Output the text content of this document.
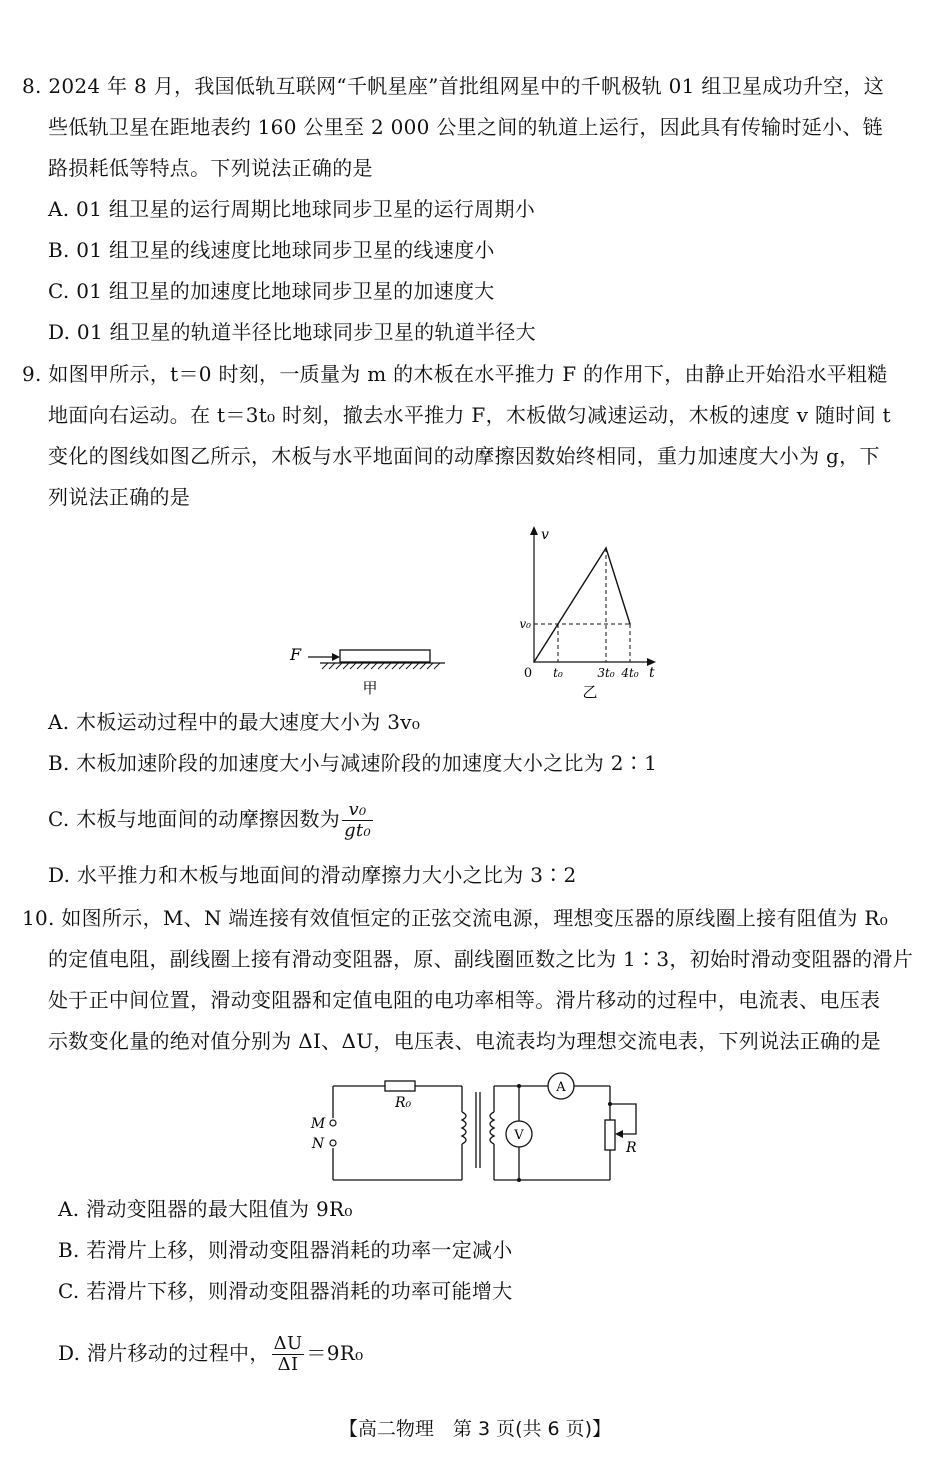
8. 2024 年 8 月，我国低轨互联网“千帆星座”首批组网星中的千帆极轨 01 组卫星成功升空，这
些低轨卫星在距地表约 160 公里至 2 000 公里之间的轨道上运行，因此具有传输时延小、链
路损耗低等特点。下列说法正确的是
A. 01 组卫星的运行周期比地球同步卫星的运行周期小
B. 01 组卫星的线速度比地球同步卫星的线速度小
C. 01 组卫星的加速度比地球同步卫星的加速度大
D. 01 组卫星的轨道半径比地球同步卫星的轨道半径大
9. 如图甲所示，t＝0 时刻，一质量为 m 的木板在水平推力 F 的作用下，由静止开始沿水平粗糙
地面向右运动。在 t＝3t₀ 时刻，撤去水平推力 F，木板做匀减速运动，木板的速度 v 随时间 t
变化的图线如图乙所示，木板与水平地面间的动摩擦因数始终相同，重力加速度大小为 g，下
列说法正确的是
F
甲
v
t
0
v₀
t₀	3t₀ 4t₀
乙
A. 木板运动过程中的最大速度大小为 3v₀
B. 木板加速阶段的加速度大小与减速阶段的加速度大小之比为 2∶1
C. 木板与地面间的动摩擦因数为 $\frac{\text{v₀}}{\text{gt₀}}$
D. 水平推力和木板与地面间的滑动摩擦力大小之比为 3∶2
10. 如图所示，M、N 端连接有效值恒定的正弦交流电源，理想变压器的原线圈上接有阻值为 R₀
的定值电阻，副线圈上接有滑动变阻器，原、副线圈匝数之比为 1∶3，初始时滑动变阻器的滑片
处于正中间位置，滑动变阻器和定值电阻的电功率相等。滑片移动的过程中，电流表、电压表
示数变化量的绝对值分别为 ΔI、ΔU，电压表、电流表均为理想交流电表，下列说法正确的是
M
N
R₀
V
A
R
A. 滑动变阻器的最大阻值为 9R₀
B. 若滑片上移，则滑动变阻器消耗的功率一定减小
C. 若滑片下移，则滑动变阻器消耗的功率可能增大
D. 滑片移动的过程中， $\frac{\Delta U}{\Delta I} =9R_0$
【高二物理　第 3 页(共 6 页)】
